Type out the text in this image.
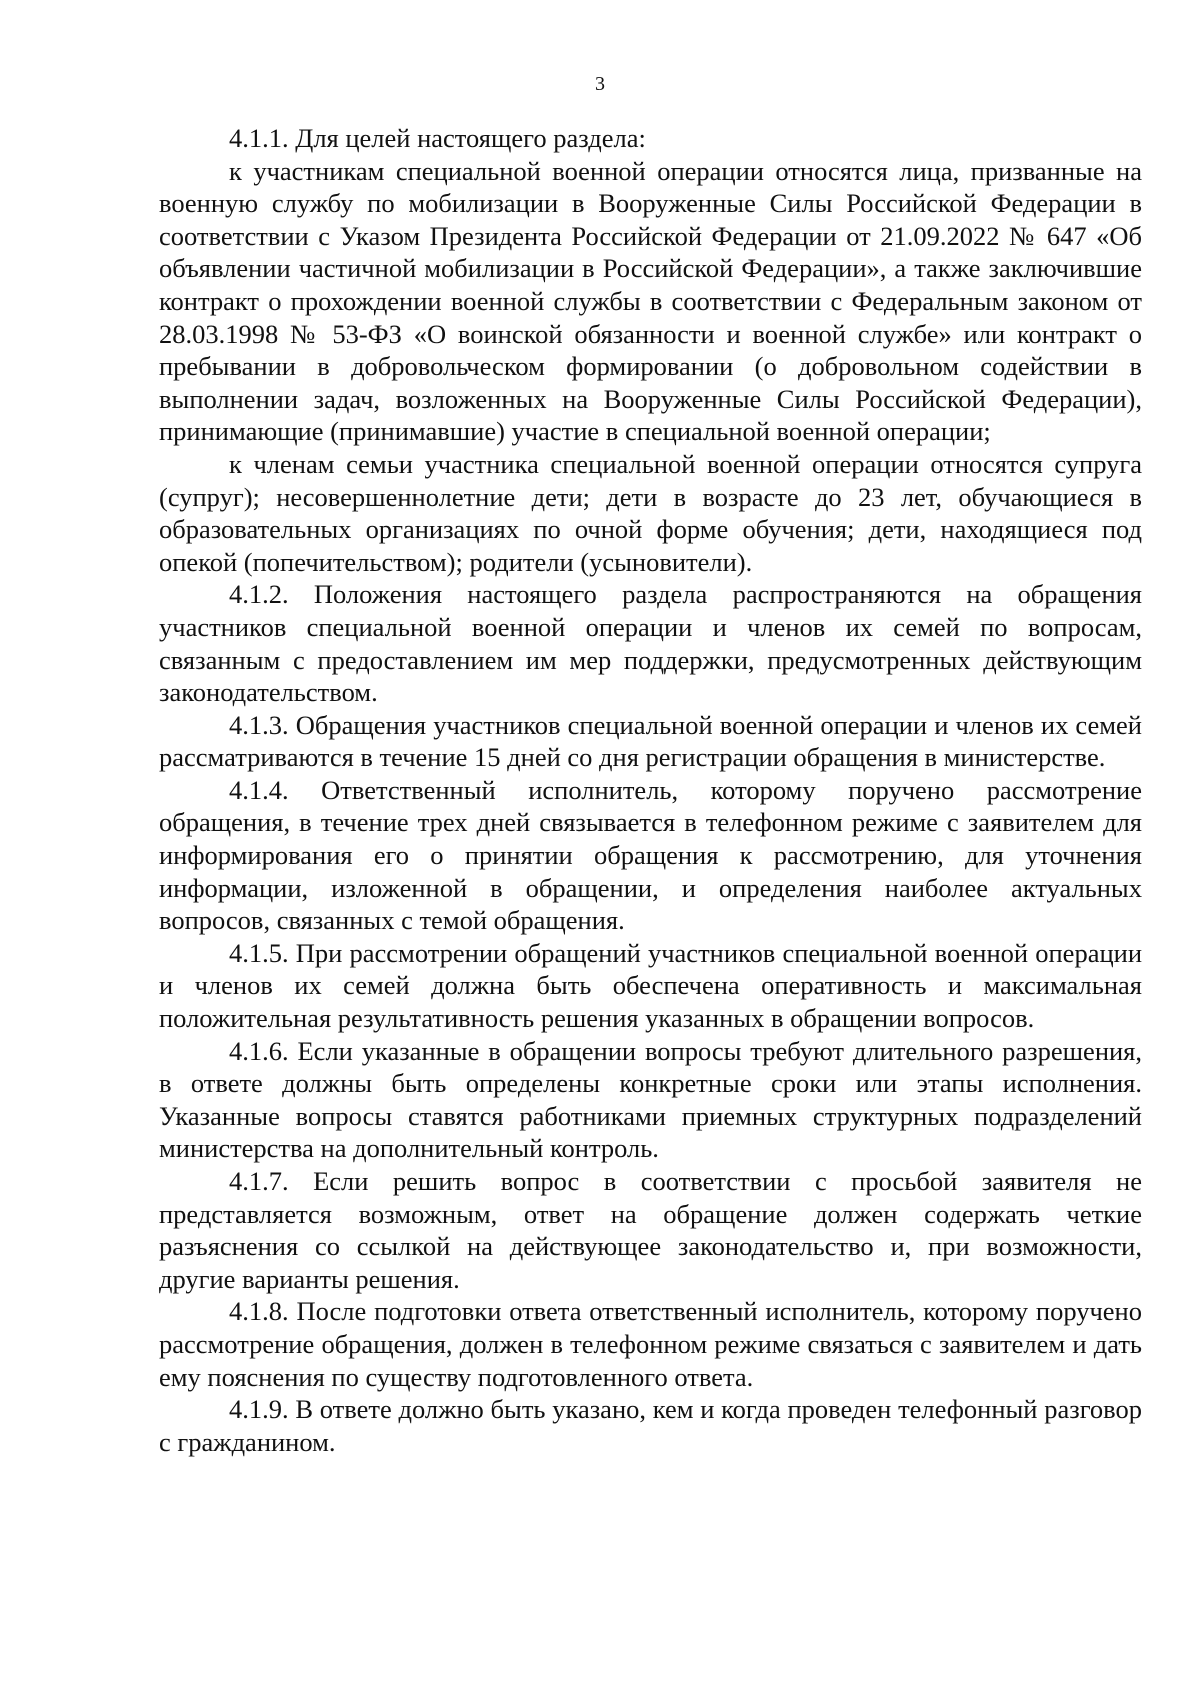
3

4.1.1. Для целей настоящего раздела:

к участникам специальной военной операции относятся лица, призванные на военную службу по мобилизации в Вооруженные Силы Российской Федерации в соответствии с Указом Президента Российской Федерации от 21.09.2022 № 647 «Об объявлении частичной мобилизации в Российской Федерации», а также заключившие контракт о прохождении военной службы в соответствии с Федеральным законом от 28.03.1998 № 53-ФЗ «О воинской обязанности и военной службе» или контракт о пребывании в добровольческом формировании (о добровольном содействии в выполнении задач, возложенных на Вооруженные Силы Российской Федерации), принимающие (принимавшие) участие в специальной военной операции;

к членам семьи участника специальной военной операции относятся супруга (супруг); несовершеннолетние дети; дети в возрасте до 23 лет, обучающиеся в образовательных организациях по очной форме обучения; дети, находящиеся под опекой (попечительством); родители (усыновители).

4.1.2. Положения настоящего раздела распространяются на обращения участников специальной военной операции и членов их семей по вопросам, связанным с предоставлением им мер поддержки, предусмотренных действующим законодательством.

4.1.3. Обращения участников специальной военной операции и членов их семей рассматриваются в течение 15 дней со дня регистрации обращения в министерстве.

4.1.4. Ответственный исполнитель, которому поручено рассмотрение обращения, в течение трех дней связывается в телефонном режиме с заявителем для информирования его о принятии обращения к рассмотрению, для уточнения информации, изложенной в обращении, и определения наиболее актуальных вопросов, связанных с темой обращения.

4.1.5. При рассмотрении обращений участников специальной военной операции и членов их семей должна быть обеспечена оперативность и максимальная положительная результативность решения указанных в обращении вопросов.

4.1.6. Если указанные в обращении вопросы требуют длительного разрешения, в ответе должны быть определены конкретные сроки или этапы исполнения. Указанные вопросы ставятся работниками приемных структурных подразделений министерства на дополнительный контроль.

4.1.7. Если решить вопрос в соответствии с просьбой заявителя не представляется возможным, ответ на обращение должен содержать четкие разъяснения со ссылкой на действующее законодательство и, при возможности, другие варианты решения.

4.1.8. После подготовки ответа ответственный исполнитель, которому поручено рассмотрение обращения, должен в телефонном режиме связаться с заявителем и дать ему пояснения по существу подготовленного ответа.

4.1.9. В ответе должно быть указано, кем и когда проведен телефонный разговор с гражданином.
